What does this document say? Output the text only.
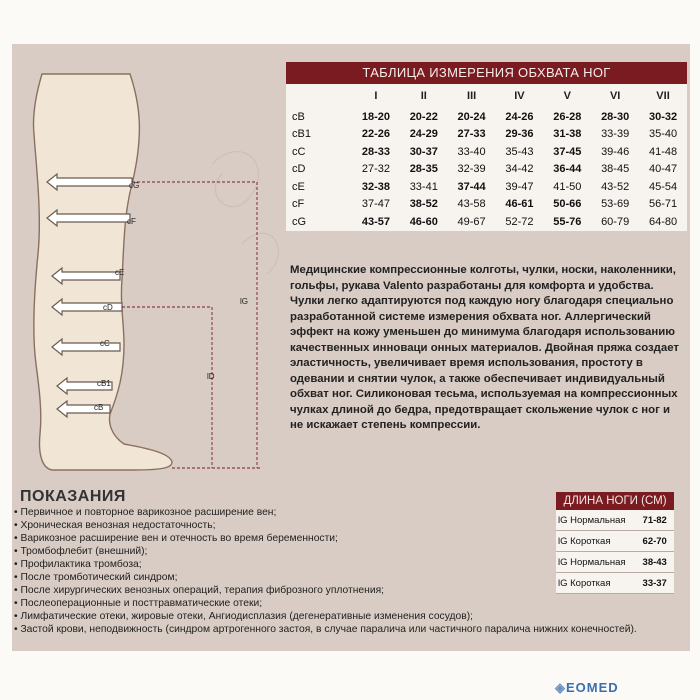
cG
cF
cE
cD
cC
cB1
cB
lG
lD
ТАБЛИЦА ИЗМЕРЕНИЯ ОБХВАТА НОГ
	I	II	III	IV	V	VI	VII
cB	18-20	20-22	20-24	24-26	26-28	28-30	30-32
cB1	22-26	24-29	27-33	29-36	31-38	33-39	35-40
cC	28-33	30-37	33-40	35-43	37-45	39-46	41-48
cD	27-32	28-35	32-39	34-42	36-44	38-45	40-47
cE	32-38	33-41	37-44	39-47	41-50	43-52	45-54
cF	37-47	38-52	43-58	46-61	50-66	53-69	56-71
cG	43-57	46-60	49-67	52-72	55-76	60-79	64-80
Медицинские компрессионные колготы, чулки, носки, наколенники, гольфы, рукава Valento разработаны для комфорта и удобства. Чулки легко адаптируются под каждую ногу благодаря специально разработанной системе измерения обхвата ног. Аллергический эффект на кожу уменьшен до минимума благодаря использованию качественных инноваци онных материалов. Двойная пряжа создает эластичность, увеличивает время использования, простоту в одевании и снятии чулок, а также обеспечивает индивидуальный обхват ног. Силиконовая тесьма, используемая на компрессионных чулках длиной до бедра, предотвращает скольжение чулок с ног и не искажает степень компрессии.
ПОКАЗАНИЯ
• Первичное и повторное варикозное расширение вен;
• Хроническая венозная недостаточность;
• Варикозное расширение вен и отечность во время беременности;
• Тромбофлебит (внешний);
• Профилактика тромбоза;
• После тромботический синдром;
• После хирургических венозных операций, терапия фиброзного уплотнения;
• Послеоперационные и посттравматические отеки;
• Лимфатические отеки, жировые отеки, Ангиодисплазия (дегенеративные изменения сосудов);
• Застой крови, неподвижность (синдром артрогенного застоя, в случае паралича или частичного паралича нижних конечностей).
ДЛИНА НОГИ (СМ)
lG Нормальная	71-82
lG Короткая	62-70
lG Нормальная	38-43
lG Короткая	33-37
◈EOMED
